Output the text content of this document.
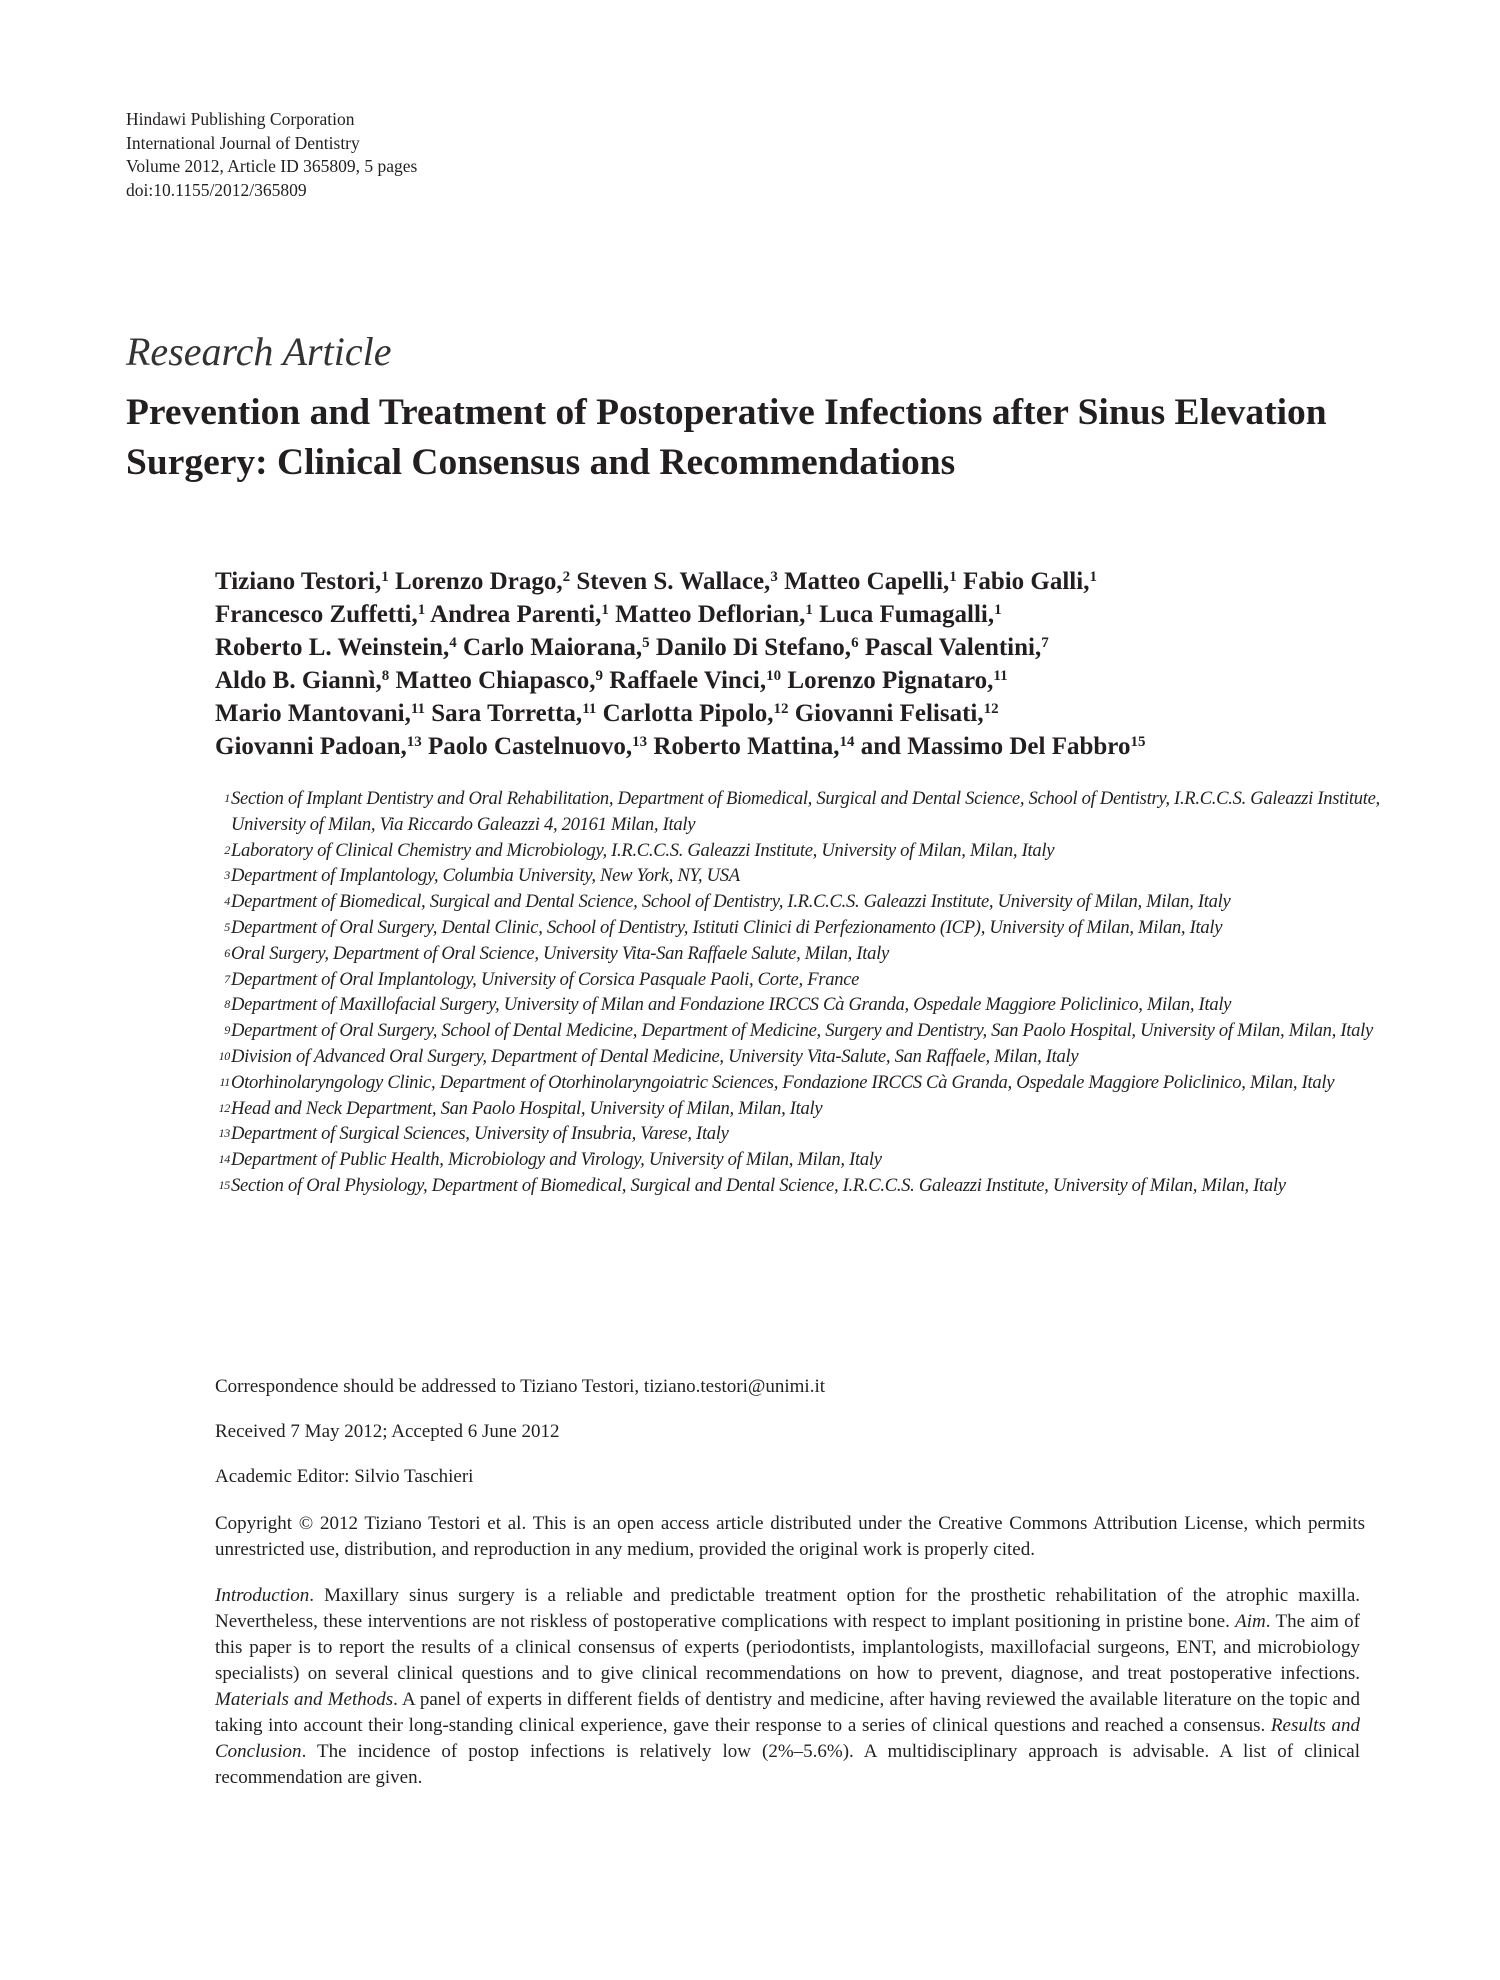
Hindawi Publishing Corporation
International Journal of Dentistry
Volume 2012, Article ID 365809, 5 pages
doi:10.1155/2012/365809
Research Article
Prevention and Treatment of Postoperative Infections after Sinus Elevation Surgery: Clinical Consensus and Recommendations
Tiziano Testori,$^1$ Lorenzo Drago,$^2$ Steven S. Wallace,$^3$ Matteo Capelli,$^1$ Fabio Galli,$^1$
Francesco Zuffetti,$^1$ Andrea Parenti,$^1$ Matteo Deflorian,$^1$ Luca Fumagalli,$^1$
Roberto L. Weinstein,$^4$ Carlo Maiorana,$^5$ Danilo Di Stefano,$^6$ Pascal Valentini,$^7$
Aldo B. Giannì,$^8$ Matteo Chiapasco,$^9$ Raffaele Vinci,$^{10}$ Lorenzo Pignataro,$^{11}$
Mario Mantovani,$^{11}$ Sara Torretta,$^{11}$ Carlotta Pipolo,$^{12}$ Giovanni Felisati,$^{12}$
Giovanni Padoan,$^{13}$ Paolo Castelnuovo,$^{13}$ Roberto Mattina,$^{14}$ and Massimo Del Fabbro$^{15}$
$^1$Section of Implant Dentistry and Oral Rehabilitation, Department of Biomedical, Surgical and Dental Science, School of Dentistry, I.R.C.C.S. Galeazzi Institute, University of Milan, Via Riccardo Galeazzi 4, 20161 Milan, Italy
$^2$Laboratory of Clinical Chemistry and Microbiology, I.R.C.C.S. Galeazzi Institute, University of Milan, Milan, Italy
$^3$Department of Implantology, Columbia University, New York, NY, USA
$^4$Department of Biomedical, Surgical and Dental Science, School of Dentistry, I.R.C.C.S. Galeazzi Institute, University of Milan, Milan, Italy
$^5$Department of Oral Surgery, Dental Clinic, School of Dentistry, Istituti Clinici di Perfezionamento (ICP), University of Milan, Milan, Italy
$^6$Oral Surgery, Department of Oral Science, University Vita-San Raffaele Salute, Milan, Italy
$^7$Department of Oral Implantology, University of Corsica Pasquale Paoli, Corte, France
$^8$Department of Maxillofacial Surgery, University of Milan and Fondazione IRCCS Cà Granda, Ospedale Maggiore Policlinico, Milan, Italy
$^9$Department of Oral Surgery, School of Dental Medicine, Department of Medicine, Surgery and Dentistry, San Paolo Hospital, University of Milan, Milan, Italy
$^{10}$Division of Advanced Oral Surgery, Department of Dental Medicine, University Vita-Salute, San Raffaele, Milan, Italy
$^{11}$Otorhinolaryngology Clinic, Department of Otorhinolaryngoiatric Sciences, Fondazione IRCCS Cà Granda, Ospedale Maggiore Policlinico, Milan, Italy
$^{12}$Head and Neck Department, San Paolo Hospital, University of Milan, Milan, Italy
$^{13}$Department of Surgical Sciences, University of Insubria, Varese, Italy
$^{14}$Department of Public Health, Microbiology and Virology, University of Milan, Milan, Italy
$^{15}$Section of Oral Physiology, Department of Biomedical, Surgical and Dental Science, I.R.C.C.S. Galeazzi Institute, University of Milan, Milan, Italy
Correspondence should be addressed to Tiziano Testori, tiziano.testori@unimi.it
Received 7 May 2012; Accepted 6 June 2012
Academic Editor: Silvio Taschieri
Copyright © 2012 Tiziano Testori et al. This is an open access article distributed under the Creative Commons Attribution License, which permits unrestricted use, distribution, and reproduction in any medium, provided the original work is properly cited.
Introduction. Maxillary sinus surgery is a reliable and predictable treatment option for the prosthetic rehabilitation of the atrophic maxilla. Nevertheless, these interventions are not riskless of postoperative complications with respect to implant positioning in pristine bone. Aim. The aim of this paper is to report the results of a clinical consensus of experts (periodontists, implantologists, maxillofacial surgeons, ENT, and microbiology specialists) on several clinical questions and to give clinical recommendations on how to prevent, diagnose, and treat postoperative infections. Materials and Methods. A panel of experts in different fields of dentistry and medicine, after having reviewed the available literature on the topic and taking into account their long-standing clinical experience, gave their response to a series of clinical questions and reached a consensus. Results and Conclusion. The incidence of postop infections is relatively low (2%–5.6%). A multidisciplinary approach is advisable. A list of clinical recommendation are given.
